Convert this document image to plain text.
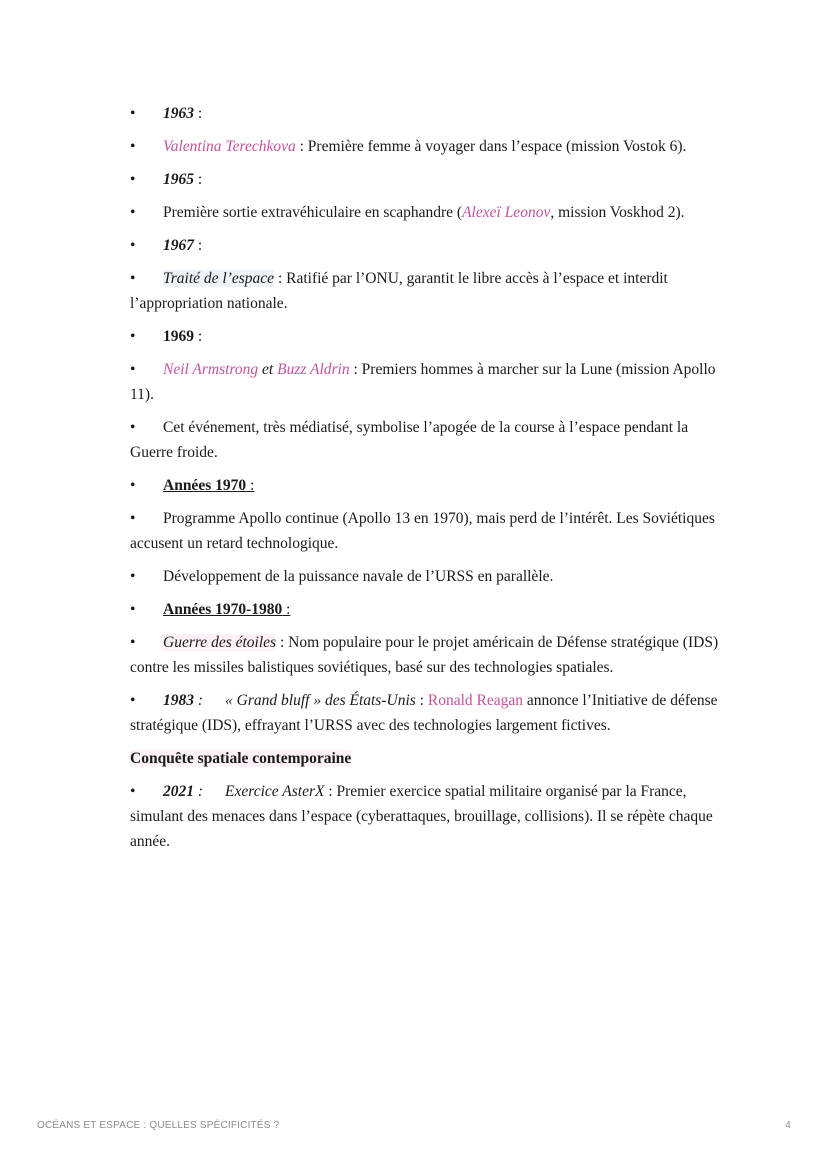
• 1963 :

• Valentina Terechkova : Première femme à voyager dans l’espace (mission Vostok 6).

• 1965 :

• Première sortie extravéhiculaire en scaphandre (Alexeï Leonov, mission Voskhod 2).

• 1967 :

• Traité de l’espace : Ratifié par l’ONU, garantit le libre accès à l’espace et interdit l’appropriation nationale.

• 1969 :

• Neil Armstrong et Buzz Aldrin : Premiers hommes à marcher sur la Lune (mission Apollo 11).

• Cet événement, très médiatisé, symbolise l’apogée de la course à l’espace pendant la Guerre froide.

• Années 1970 :

• Programme Apollo continue (Apollo 13 en 1970), mais perd de l’intérêt. Les Soviétiques accusent un retard technologique.

• Développement de la puissance navale de l’URSS en parallèle.

• Années 1970-1980 :

• Guerre des étoiles : Nom populaire pour le projet américain de Défense stratégique (IDS) contre les missiles balistiques soviétiques, basé sur des technologies spatiales.

• 1983 : « Grand bluff » des États-Unis : Ronald Reagan annonce l’Initiative de défense stratégique (IDS), effrayant l’URSS avec des technologies largement fictives.

Conquête spatiale contemporaine

• 2021 : Exercice AsterX : Premier exercice spatial militaire organisé par la France, simulant des menaces dans l’espace (cyberattaques, brouillage, collisions). Il se répète chaque année.

OCÉANS ET ESPACE : QUELLES SPÉCIFICITÉS ?	4
